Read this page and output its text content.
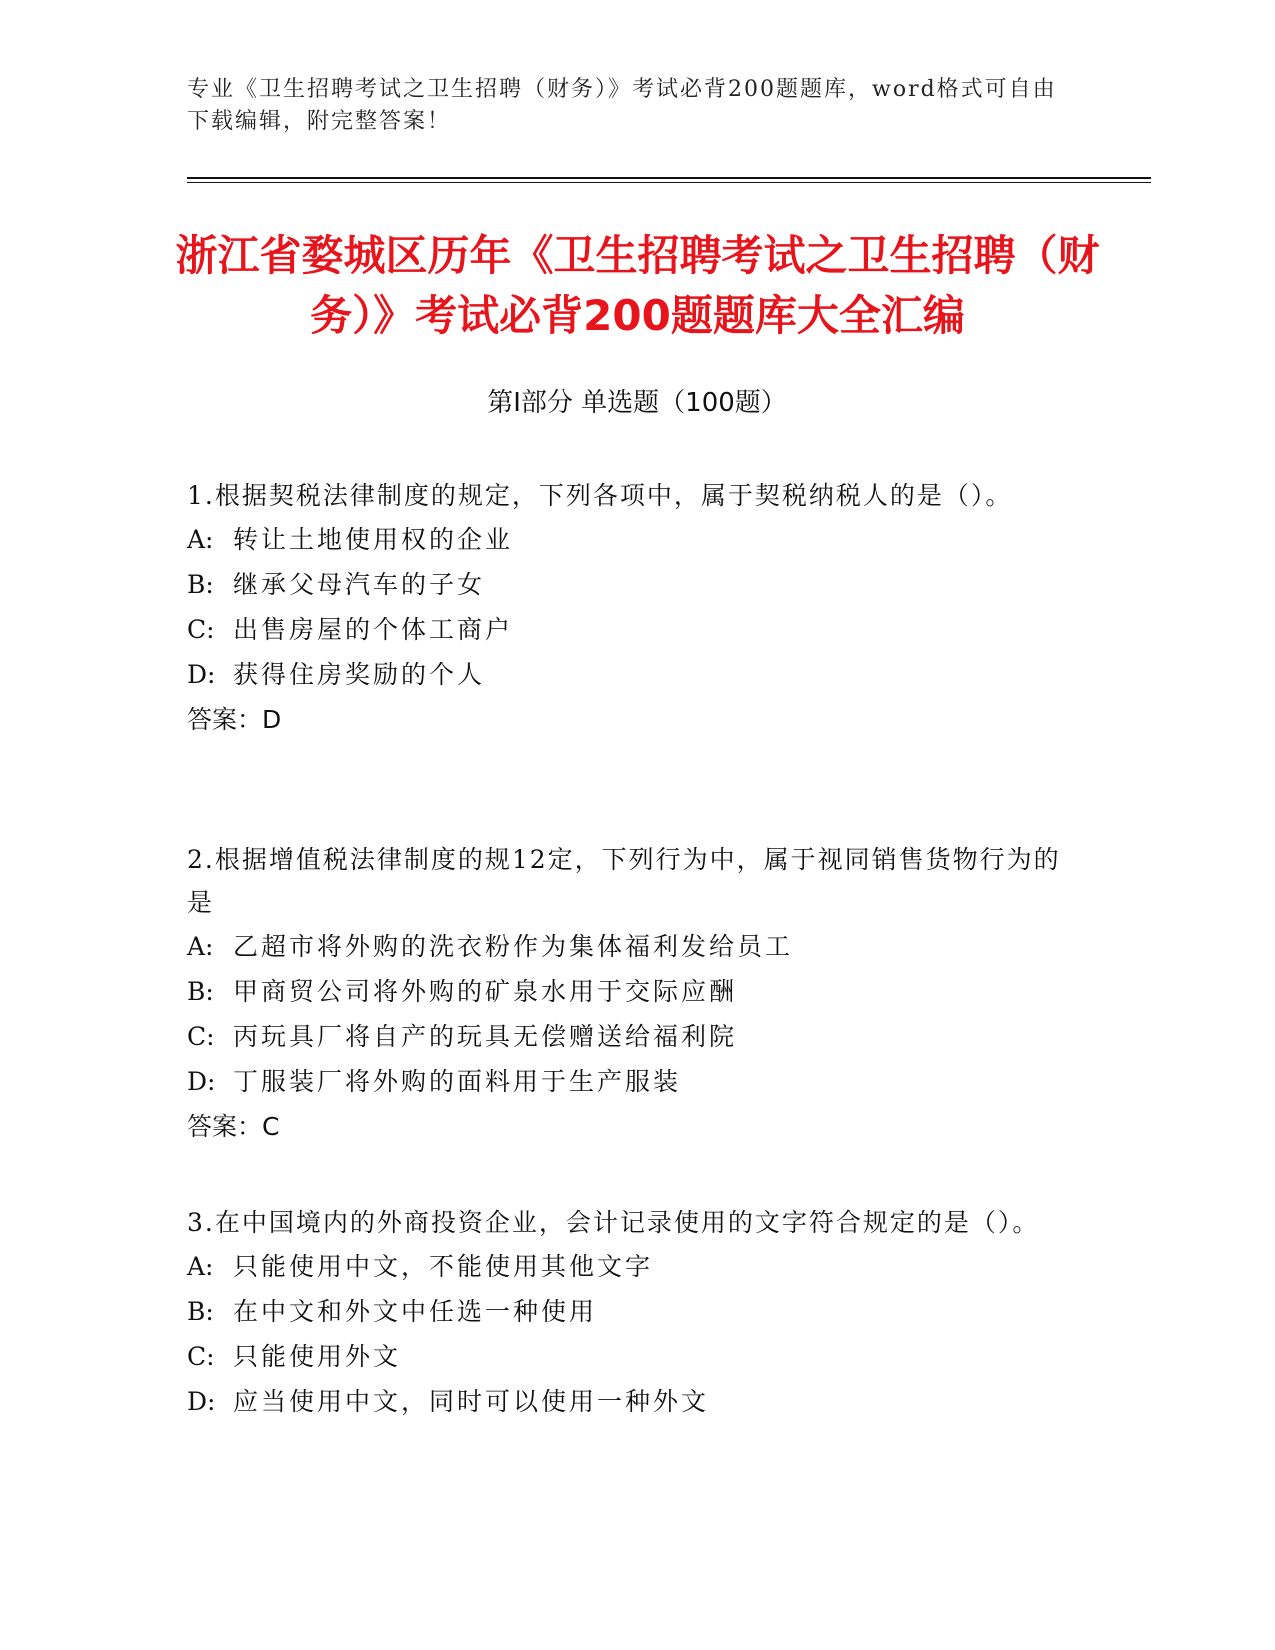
专业《卫生招聘考试之卫生招聘（财务）》考试必背200题题库，word格式可自由下载编辑，附完整答案！
浙江省婺城区历年《卫生招聘考试之卫生招聘（财务）》考试必背200题题库大全汇编
第Ⅰ部分 单选题（100题）

1.根据契税法律制度的规定，下列各项中，属于契税纳税人的是（）。

A: 转让土地使用权的企业

B: 继承父母汽车的子女

C: 出售房屋的个体工商户

D: 获得住房奖励的个人

答案：D

2.根据增值税法律制度的规12定，下列行为中，属于视同销售货物行为的是

A: 乙超市将外购的洗衣粉作为集体福利发给员工

B: 甲商贸公司将外购的矿泉水用于交际应酬

C: 丙玩具厂将自产的玩具无偿赠送给福利院

D: 丁服装厂将外购的面料用于生产服装

答案：C

3.在中国境内的外商投资企业，会计记录使用的文字符合规定的是（）。

A: 只能使用中文，不能使用其他文字

B: 在中文和外文中任选一种使用

C: 只能使用外文

D: 应当使用中文，同时可以使用一种外文
